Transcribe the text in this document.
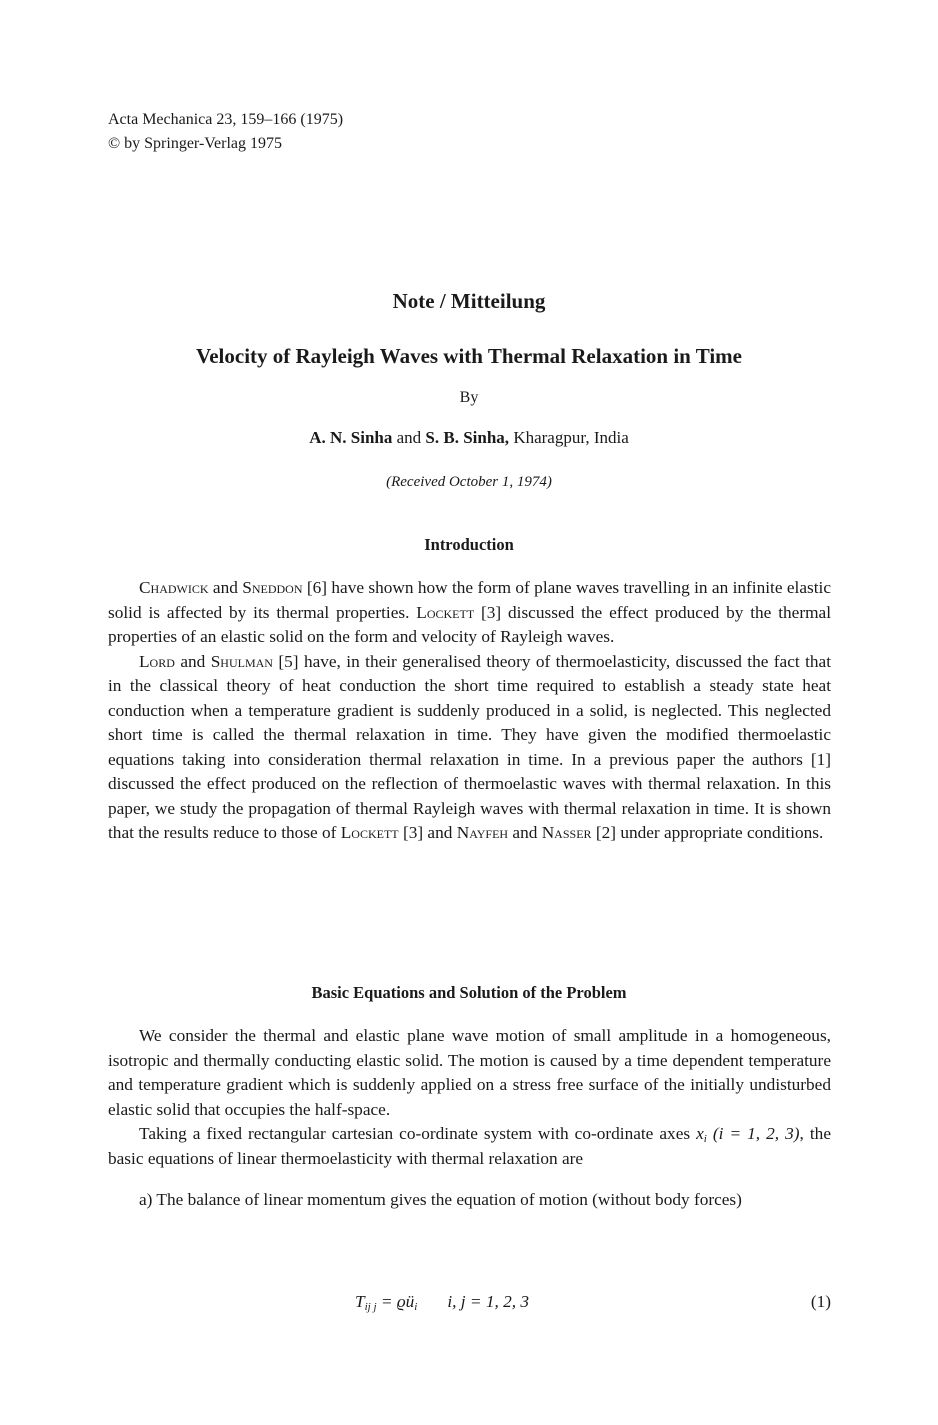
Acta Mechanica 23, 159–166 (1975)
© by Springer-Verlag 1975
Note / Mitteilung
Velocity of Rayleigh Waves with Thermal Relaxation in Time
By
A. N. Sinha and S. B. Sinha, Kharagpur, India
(Received October 1, 1974)
Introduction

Chadwick and Sneddon [6] have shown how the form of plane waves travelling in an infinite elastic solid is affected by its thermal properties. Lockett [3] discussed the effect produced by the thermal properties of an elastic solid on the form and velocity of Rayleigh waves.

Lord and Shulman [5] have, in their generalised theory of thermoelasticity, discussed the fact that in the classical theory of heat conduction the short time required to establish a steady state heat conduction when a temperature gradient is suddenly produced in a solid, is neglected. This neglected short time is called the thermal relaxation in time. They have given the modified thermoelastic equations taking into consideration thermal relaxation in time. In a previous paper the authors [1] discussed the effect produced on the reflection of thermoelastic waves with thermal relaxation. In this paper, we study the propagation of thermal Rayleigh waves with thermal relaxation in time. It is shown that the results reduce to those of Lockett [3] and Nayfeh and Nasser [2] under appropriate conditions.

Basic Equations and Solution of the Problem

We consider the thermal and elastic plane wave motion of small amplitude in a homogeneous, isotropic and thermally conducting elastic solid. The motion is caused by a time dependent temperature and temperature gradient which is suddenly applied on a stress free surface of the initially undisturbed elastic solid that occupies the half-space.

Taking a fixed rectangular cartesian co-ordinate system with co-ordinate axes $x_i$ (i = 1, 2, 3), the basic equations of linear thermoelasticity with thermal relaxation are

a) The balance of linear momentum gives the equation of motion (without body forces)

$T_{ij j}$ = $ϱü_i$ i, j = 1, 2, 3	(1)
